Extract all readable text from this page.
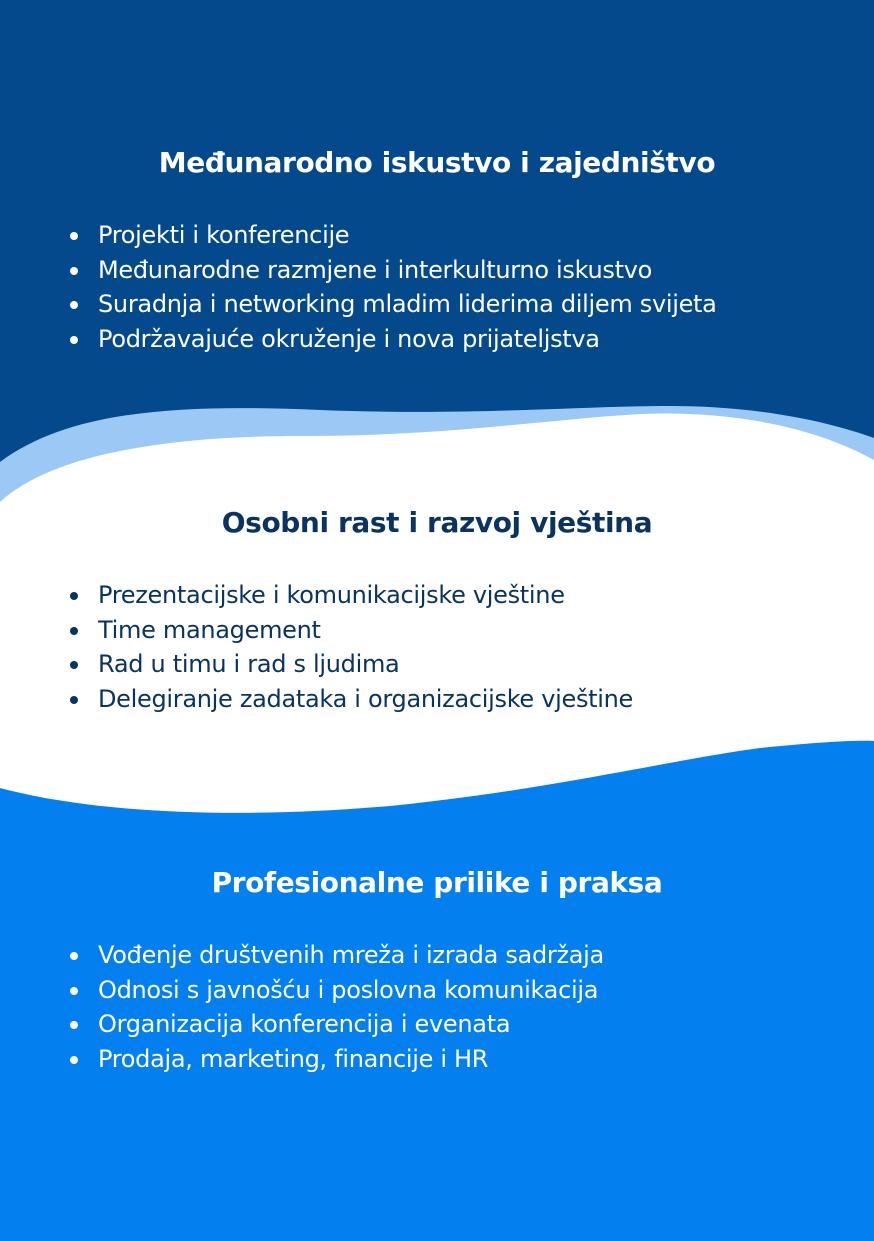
Međunarodno iskustvo i zajedništvo
Projekti i konferencije
Međunarodne razmjene i interkulturno iskustvo
Suradnja i networking mladim liderima diljem svijeta
Podržavajuće okruženje i nova prijateljstva
Osobni rast i razvoj vještina
Prezentacijske i komunikacijske vještine
Time management
Rad u timu i rad s ljudima
Delegiranje zadataka i organizacijske vještine
Profesionalne prilike i praksa
Vođenje društvenih mreža i izrada sadržaja
Odnosi s javnošću i poslovna komunikacija
Organizacija konferencija i evenata
Prodaja, marketing, financije i HR
